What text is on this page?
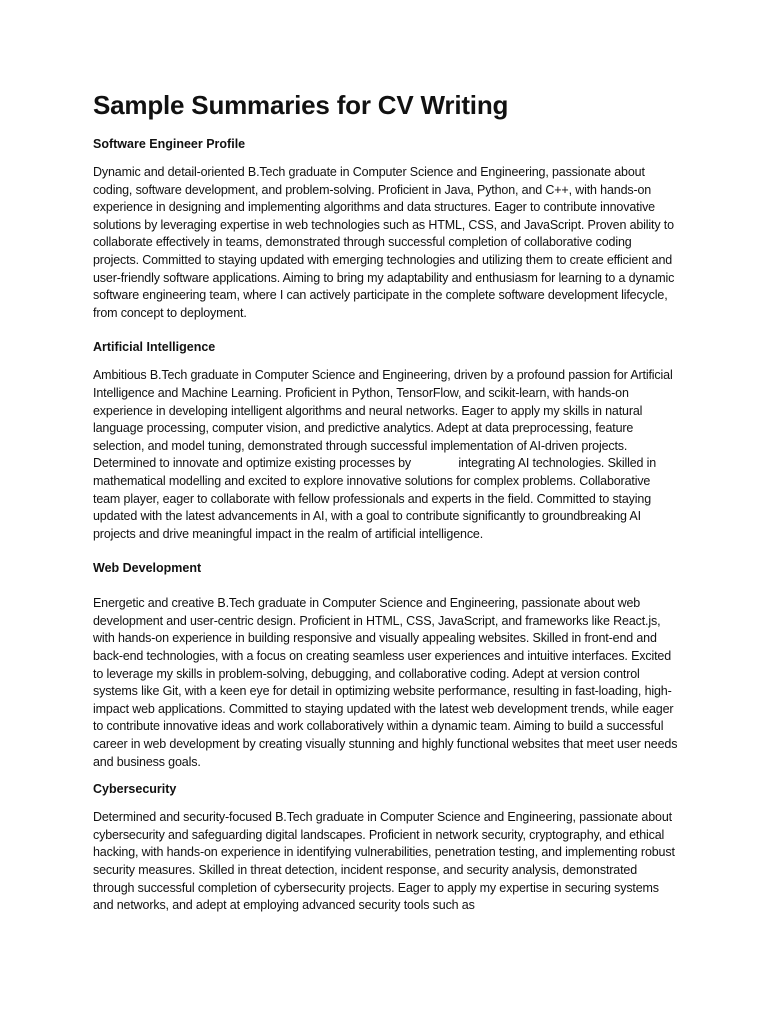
Sample Summaries for CV Writing
Software Engineer Profile

Dynamic and detail-oriented B.Tech graduate in Computer Science and Engineering, passionate about coding, software development, and problem-solving. Proficient in Java, Python, and C++, with hands-on experience in designing and implementing algorithms and data structures. Eager to contribute innovative solutions by leveraging expertise in web technologies such as HTML, CSS, and JavaScript. Proven ability to collaborate effectively in teams, demonstrated through successful completion of collaborative coding projects. Committed to staying updated with emerging technologies and utilizing them to create efficient and user-friendly software applications. Aiming to bring my adaptability and enthusiasm for learning to a dynamic software engineering team, where I can actively participate in the complete software development lifecycle, from concept to deployment.

Artificial Intelligence

Ambitious B.Tech graduate in Computer Science and Engineering, driven by a profound passion for Artificial Intelligence and Machine Learning. Proficient in Python, TensorFlow, and scikit-learn, with hands-on experience in developing intelligent algorithms and neural networks. Eager to apply my skills in natural language processing, computer vision, and predictive analytics. Adept at data preprocessing, feature selection, and model tuning, demonstrated through successful implementation of AI-driven projects. Determined to innovate and optimize existing processes by	integrating AI technologies. Skilled in mathematical modelling and excited to explore innovative solutions for complex problems. Collaborative team player, eager to collaborate with fellow professionals and experts in the field. Committed to staying updated with the latest advancements in AI, with a goal to contribute significantly to groundbreaking AI projects and drive meaningful impact in the realm of artificial intelligence.

Web Development

Energetic and creative B.Tech graduate in Computer Science and Engineering, passionate about web development and user-centric design. Proficient in HTML, CSS, JavaScript, and frameworks like React.js, with hands-on experience in building responsive and visually appealing websites. Skilled in front-end and back-end technologies, with a focus on creating seamless user experiences and intuitive interfaces. Excited to leverage my skills in problem-solving, debugging, and collaborative coding. Adept at version control systems like Git, with a keen eye for detail in optimizing website performance, resulting in fast-loading, high-impact web applications. Committed to staying updated with the latest web development trends, while eager to contribute innovative ideas and work collaboratively within a dynamic team. Aiming to build a successful career in web development by creating visually stunning and highly functional websites that meet user needs and business goals.

Cybersecurity

Determined and security-focused B.Tech graduate in Computer Science and Engineering, passionate about cybersecurity and safeguarding digital landscapes. Proficient in network security, cryptography, and ethical hacking, with hands-on experience in identifying vulnerabilities, penetration testing, and implementing robust security measures. Skilled in threat detection, incident response, and security analysis, demonstrated through successful completion of cybersecurity projects. Eager to apply my expertise in securing systems and networks, and adept at employing advanced security tools such as
